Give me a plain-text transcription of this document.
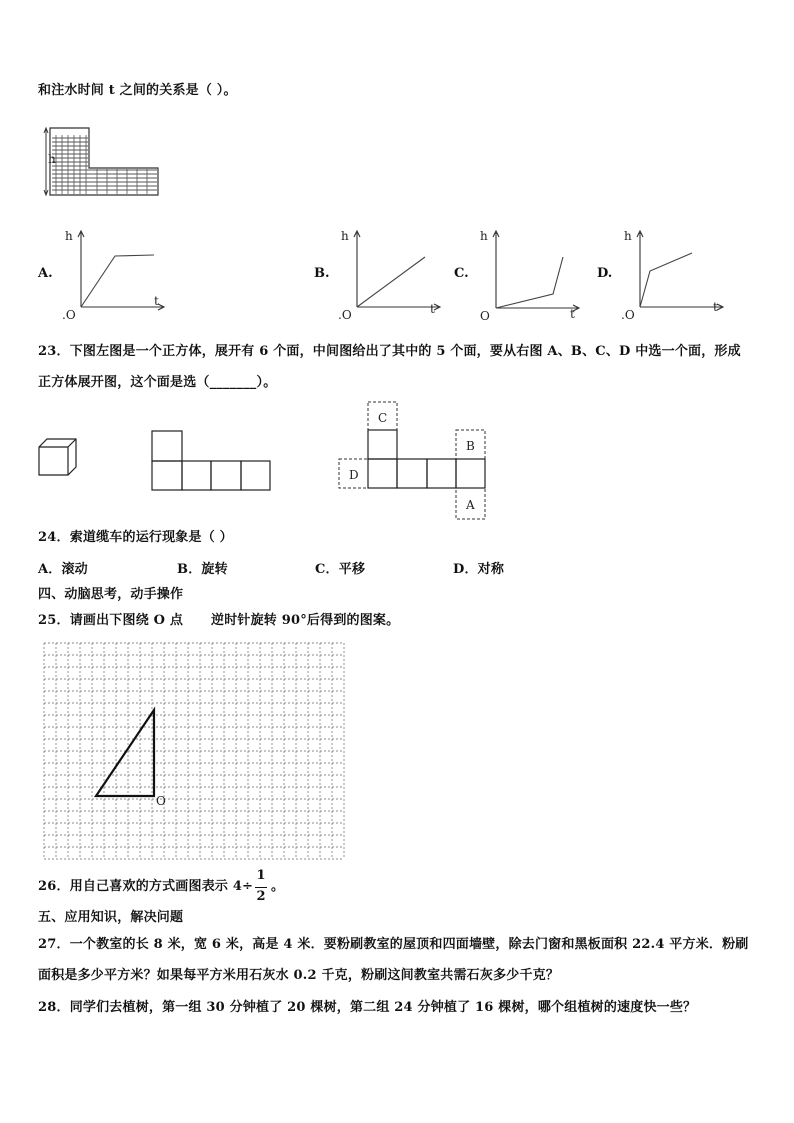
和注水时间 t 之间的关系是（ ）。
h
A.
h
t
.O
B.
h
t
.O
C.
h
t
O
D.
h
t
.O
23．下图左图是一个正方体，展开有 6 个面，中间图给出了其中的 5 个面，要从右图 A、B、C、D 中选一个面，形成
正方体展开图，这个面是选（_______）。
C
B
D
A
24．索道缆车的运行现象是（ ）
A．滚动	B．旋转	C．平移	D．对称
四、动脑思考，动手操作
25．请画出下图绕 O 点 逆时针旋转 90°后得到的图案。
O
26．用自己喜欢的方式画图表示 4÷
1
2
。
五、应用知识，解决问题
27．一个教室的长 8 米，宽 6 米，高是 4 米．要粉刷教室的屋顶和四面墙壁，除去门窗和黑板面积 22.4 平方米．粉刷
面积是多少平方米？如果每平方米用石灰水 0.2 千克，粉刷这间教室共需石灰多少千克？
28．同学们去植树，第一组 30 分钟植了 20 棵树，第二组 24 分钟植了 16 棵树，哪个组植树的速度快一些？
